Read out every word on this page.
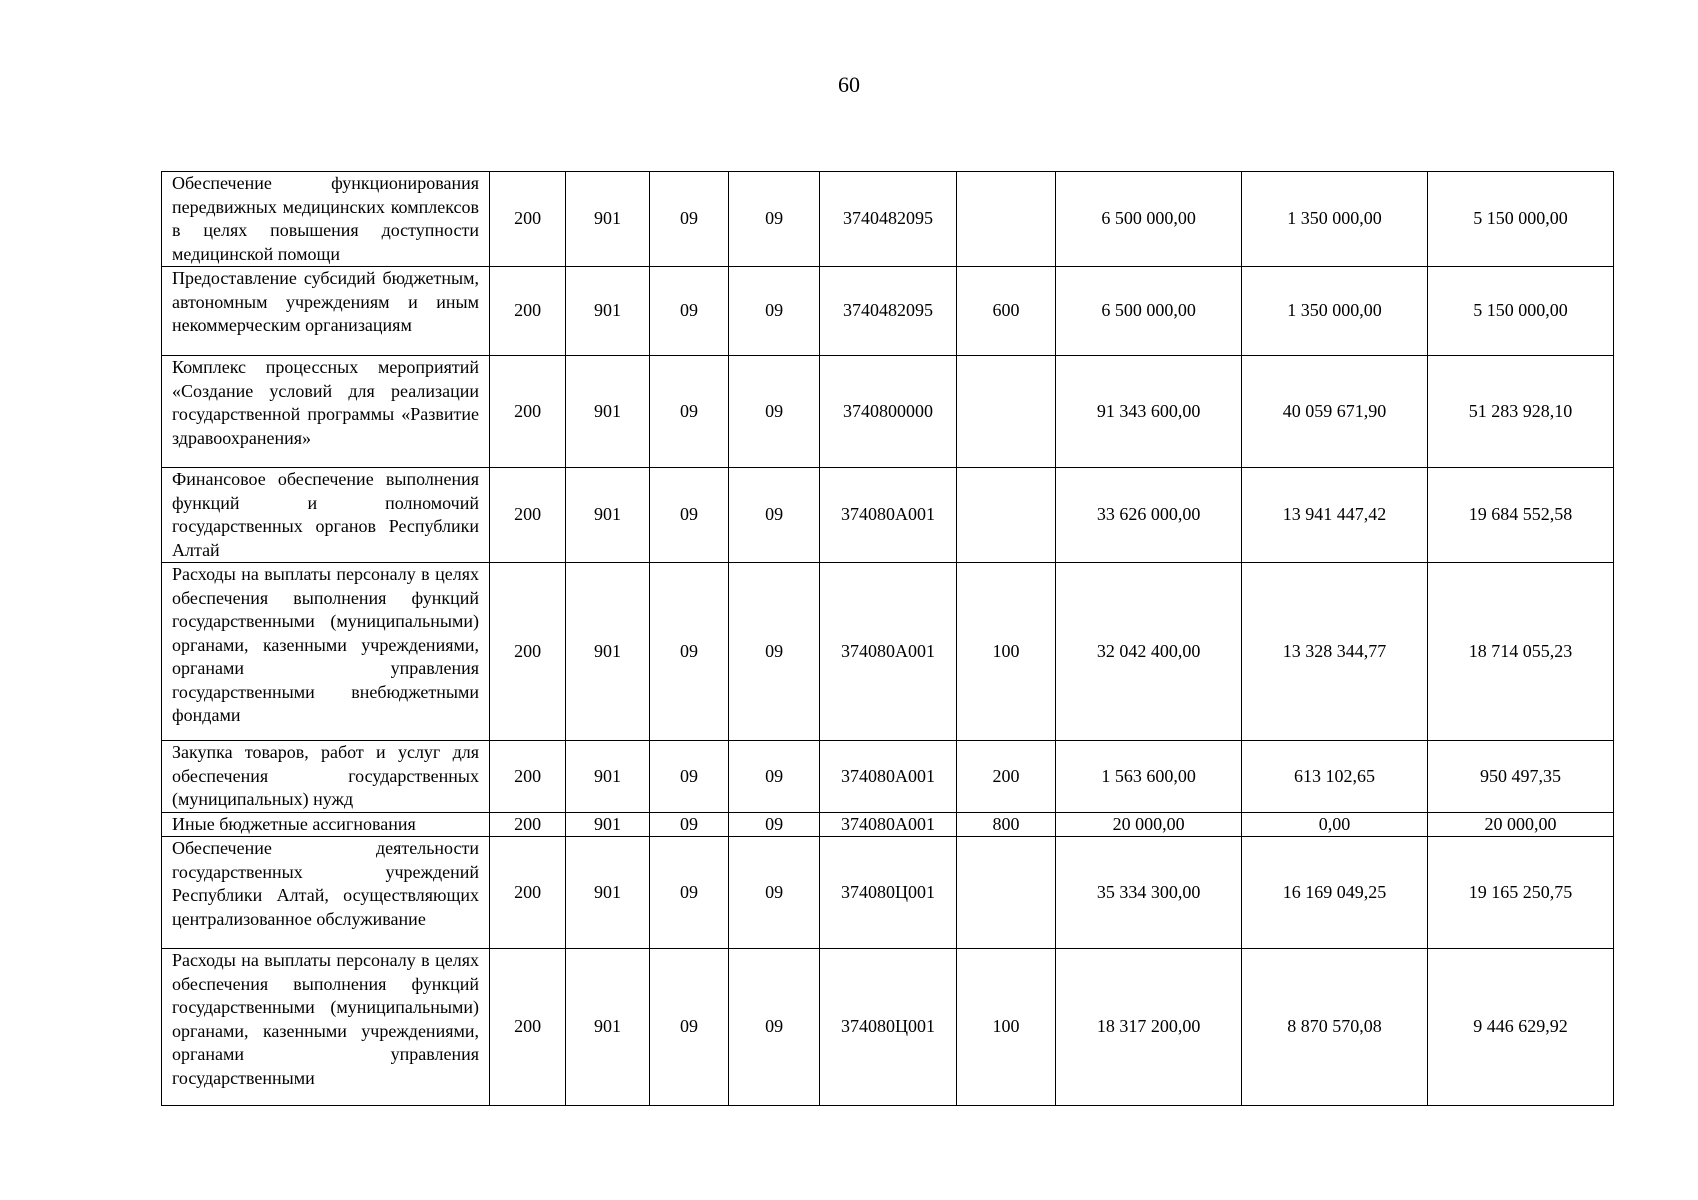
60
Обеспечение функционирования передвижных медицинских комплексов в целях повышения доступности медицинской помощи	200	901	09	09	3740482095		6 500 000,00	1 350 000,00	5 150 000,00
Предоставление субсидий бюджетным, автономным учреждениям и иным некоммерческим организациям	200	901	09	09	3740482095	600	6 500 000,00	1 350 000,00	5 150 000,00
Комплекс процессных мероприятий «Создание условий для реализации государственной программы «Развитие здравоохранения»	200	901	09	09	3740800000		91 343 600,00	40 059 671,90	51 283 928,10
Финансовое обеспечение выполнения функций и полномочий государственных органов Республики Алтай	200	901	09	09	374080А001		33 626 000,00	13 941 447,42	19 684 552,58
Расходы на выплаты персоналу в целях обеспечения выполнения функций государственными (муниципальными) органами, казенными учреждениями, органами управления государственными внебюджетными фондами	200	901	09	09	374080А001	100	32 042 400,00	13 328 344,77	18 714 055,23
Закупка товаров, работ и услуг для обеспечения государственных (муниципальных) нужд	200	901	09	09	374080А001	200	1 563 600,00	613 102,65	950 497,35
Иные бюджетные ассигнования	200	901	09	09	374080А001	800	20 000,00	0,00	20 000,00
Обеспечение деятельности государственных учреждений Республики Алтай, осуществляющих централизованное обслуживание	200	901	09	09	374080Ц001		35 334 300,00	16 169 049,25	19 165 250,75
Расходы на выплаты персоналу в целях обеспечения выполнения функций государственными (муниципальными) органами, казенными учреждениями, органами управления государственными	200	901	09	09	374080Ц001	100	18 317 200,00	8 870 570,08	9 446 629,92
